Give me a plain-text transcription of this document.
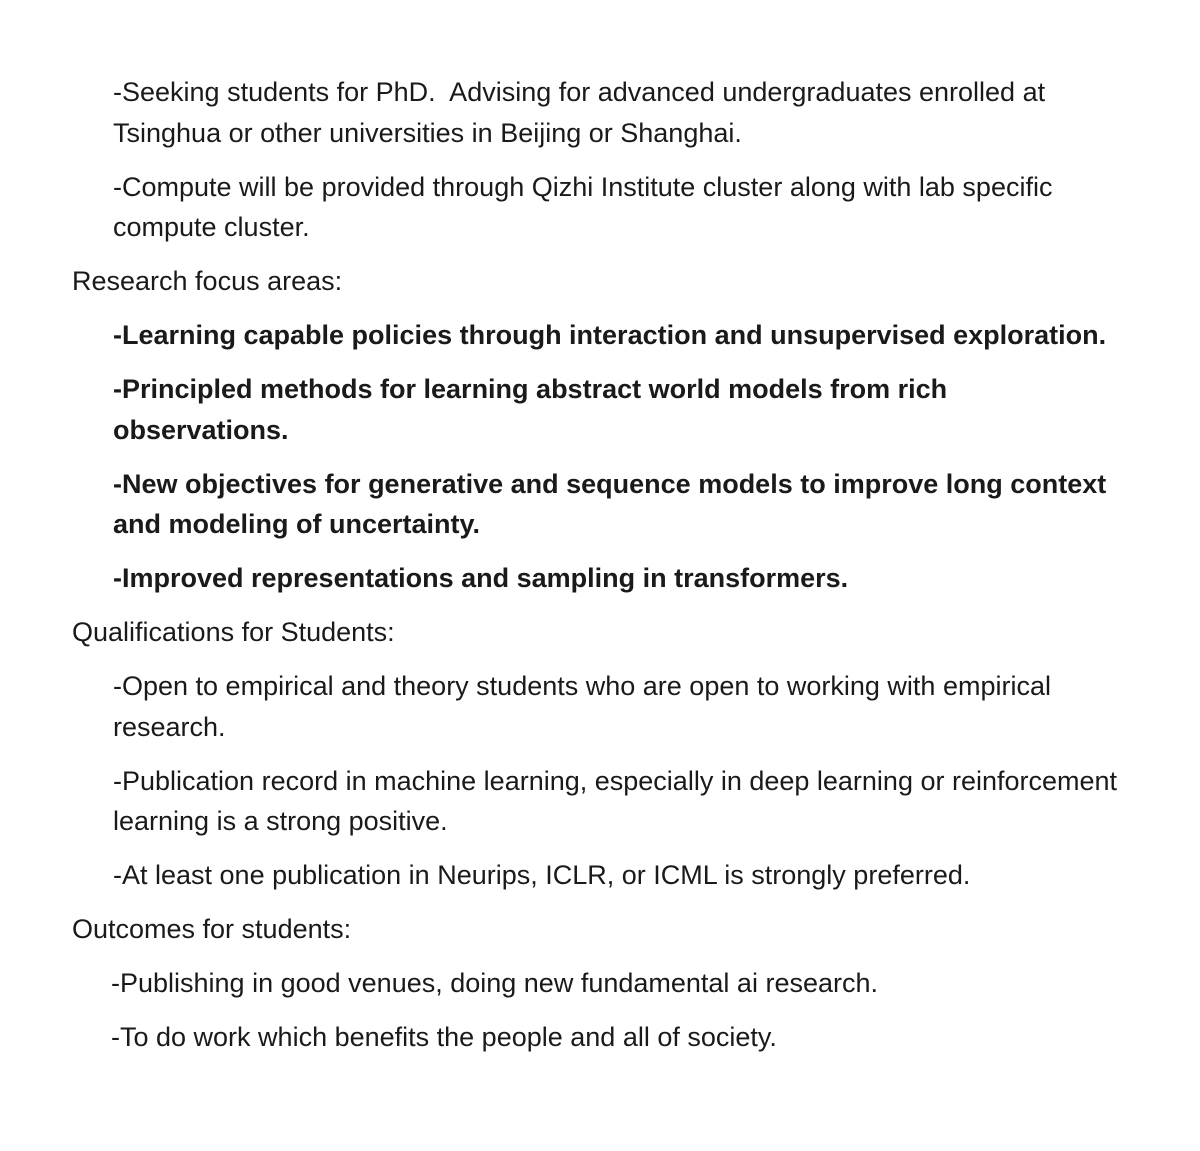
-Seeking students for PhD.  Advising for advanced undergraduates enrolled at Tsinghua or other universities in Beijing or Shanghai.

-Compute will be provided through Qizhi Institute cluster along with lab specific compute cluster.

Research focus areas:

-Learning capable policies through interaction and unsupervised exploration.

-Principled methods for learning abstract world models from rich observations.

-New objectives for generative and sequence models to improve long context and modeling of uncertainty.

-Improved representations and sampling in transformers.

Qualifications for Students:

-Open to empirical and theory students who are open to working with empirical research.

-Publication record in machine learning, especially in deep learning or reinforcement learning is a strong positive.

-At least one publication in Neurips, ICLR, or ICML is strongly preferred.

Outcomes for students:

-Publishing in good venues, doing new fundamental ai research.

-To do work which benefits the people and all of society.
